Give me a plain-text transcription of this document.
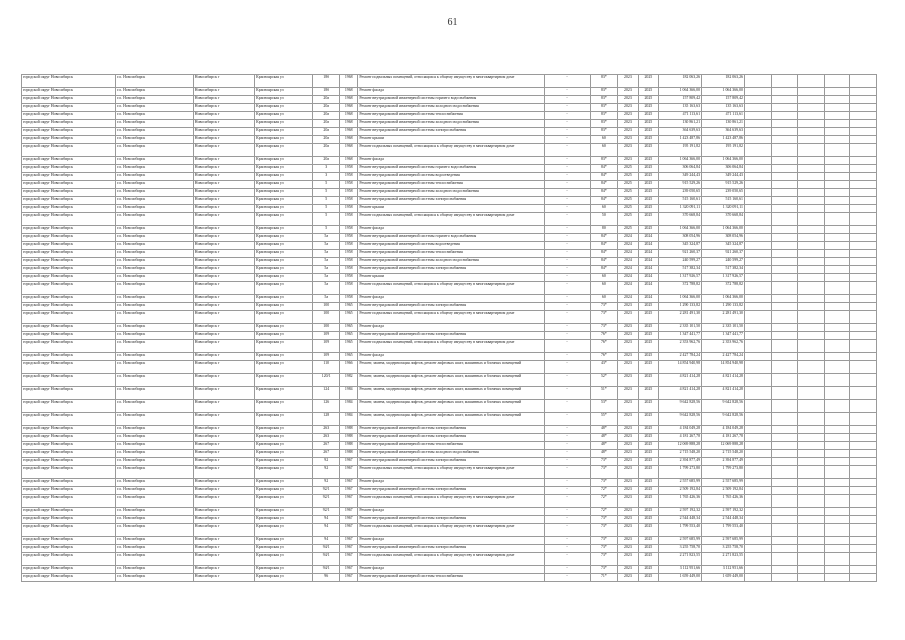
61
городской округ Новосибирск	г.о. Новосибирск	Новосибирск г	Красноярская ул	18б	1968	Ремонт подвальных помещений, относящихся к общему имуществу в многоквартирном доме	-	83*	2023	2025	182 063,26	182 063,26					
городской округ Новосибирск	г.о. Новосибирск	Новосибирск г	Красноярская ул	18б	1968	Ремонт фасада	-	83*	2023	2025	1 064 366,00	1 064 366,00					
городской округ Новосибирск	г.о. Новосибирск	Новосибирск г	Красноярская ул	20а	1968	Ремонт внутридомовой инженерной системы горячего водоснабжения	-	83*	2023	2025	157 809,42	157 809,42					
городской округ Новосибирск	г.о. Новосибирск	Новосибирск г	Красноярская ул	20а	1968	Ремонт внутридомовой инженерной системы холодного водоснабжения	-	83*	2023	2025	135 163,63	135 163,63					
городской округ Новосибирск	г.о. Новосибирск	Новосибирск г	Красноярская ул	20а	1968	Ремонт внутридомовой инженерной системы теплоснабжения	-	83*	2023	2025	471 113,61	471 113,61					
городской округ Новосибирск	г.о. Новосибирск	Новосибирск г	Красноярская ул	20а	1968	Ремонт внутридомовой инженерной системы холодного водоснабжения	-	83*	2023	2025	130 861,21	130 861,21					
городской округ Новосибирск	г.о. Новосибирск	Новосибирск г	Красноярская ул	20а	1968	Ремонт внутридомовой инженерной системы электроснабжения	-	83*	2023	2025	364 639,63	364 639,63					
городской округ Новосибирск	г.о. Новосибирск	Новосибирск г	Красноярская ул	20а	1968	Ремонт крыши	-	60	2023	2025	1 423 487,86	1 423 487,86					
городской округ Новосибирск	г.о. Новосибирск	Новосибирск г	Красноярская ул	20а	1968	Ремонт подвальных помещений, относящихся к общему имуществу в многоквартирном доме	-	60	2023	2025	195 191,82	195 191,82					
городской округ Новосибирск	г.о. Новосибирск	Новосибирск г	Красноярская ул	20а	1968	Ремонт фасада	-	83*	2023	2025	1 064 366,00	1 064 366,00					
городской округ Новосибирск	г.о. Новосибирск	Новосибирск г	Красноярская ул	3	1958	Ремонт внутридомовой инженерной системы горячего водоснабжения	-	84*	2025	2025	306 064,84	306 064,84					
городской округ Новосибирск	г.о. Новосибирск	Новосибирск г	Красноярская ул	3	1958	Ремонт внутридомовой инженерной системы водоотведения	-	84*	2025	2025	349 244,43	349 244,43					
городской округ Новосибирск	г.о. Новосибирск	Новосибирск г	Красноярская ул	5	1958	Ремонт внутридомовой инженерной системы теплоснабжения	-	84*	2025	2025	915 529,26	915 529,26					
городской округ Новосибирск	г.о. Новосибирск	Новосибирск г	Красноярская ул	5	1958	Ремонт внутридомовой инженерной системы холодного водоснабжения	-	84*	2025	2025	239 050,65	239 050,65					
городской округ Новосибирск	г.о. Новосибирск	Новосибирск г	Красноярская ул	5	1958	Ремонт внутридомовой инженерной системы электроснабжения	-	84*	2025	2025	515 160,61	515 160,61					
городской округ Новосибирск	г.о. Новосибирск	Новосибирск г	Красноярская ул	5	1958	Ремонт крыши	-	60	2025	2025	1 320 091,11	1 320 091,11					
городской округ Новосибирск	г.о. Новосибирск	Новосибирск г	Красноярская ул	5	1958	Ремонт подвальных помещений, относящихся к общему имуществу в многоквартирном доме	-	50	2025	2025	370 668,84	370 668,84					
городской округ Новосибирск	г.о. Новосибирск	Новосибирск г	Красноярская ул	5	1958	Ремонт фасада	-	80	2025	2025	1 064 366,00	1 064 366,00					
городской округ Новосибирск	г.о. Новосибирск	Новосибирск г	Красноярская ул	5а	1958	Ремонт внутридомовой инженерной системы горячего водоснабжения	-	84*	2024	2024	308 054,96	308 054,96					
городской округ Новосибирск	г.о. Новосибирск	Новосибирск г	Красноярская ул	5а	1958	Ремонт внутридомовой инженерной системы водоотведения	-	84*	2024	2024	345 324,87	345 324,87					
городской округ Новосибирск	г.о. Новосибирск	Новосибирск г	Красноярская ул	5а	1958	Ремонт внутридомовой инженерной системы теплоснабжения	-	84*	2024	2024	921 260,37	921 260,37					
городской округ Новосибирск	г.о. Новосибирск	Новосибирск г	Красноярская ул	5а	1958	Ремонт внутридомовой инженерной системы холодного водоснабжения	-	84*	2024	2024	240 599,27	240 599,27					
городской округ Новосибирск	г.о. Новосибирск	Новосибирск г	Красноярская ул	5а	1958	Ремонт внутридомовой инженерной системы электроснабжения	-	84*	2024	2024	517 382,34	517 382,34					
городской округ Новосибирск	г.о. Новосибирск	Новосибирск г	Красноярская ул	5а	1958	Ремонт крыши	-	60	2024	2024	1 317 926,57	1 317 926,57					
городской округ Новосибирск	г.о. Новосибирск	Новосибирск г	Красноярская ул	5а	1958	Ремонт подвальных помещений, относящихся к общему имуществу в многоквартирном доме	-	60	2024	2024	372 788,82	372 788,82					
городской округ Новосибирск	г.о. Новосибирск	Новосибирск г	Красноярская ул	5а	1958	Ремонт фасада	-	60	2024	2024	1 064 366,00	1 064 366,00					
городской округ Новосибирск	г.о. Новосибирск	Новосибирск г	Красноярская ул	100	1965	Ремонт внутридомовой инженерной системы электроснабжения	-	73*	2023	2025	1 290 133,82	1 290 133,82					
городской округ Новосибирск	г.о. Новосибирск	Новосибирск г	Красноярская ул	100	1965	Ремонт подвальных помещений, относящихся к общему имуществу в многоквартирном доме	-	73*	2023	2025	2 281 491,30	2 281 491,30					
городской округ Новосибирск	г.о. Новосибирск	Новосибирск г	Красноярская ул	100	1965	Ремонт фасада	-	73*	2023	2025	2 335 101,50	2 335 101,50					
городской округ Новосибирск	г.о. Новосибирск	Новосибирск г	Красноярская ул	109	1965	Ремонт внутридомовой инженерной системы электроснабжения	-	76*	2023	2025	1 347 441,77	1 347 441,77					
городской округ Новосибирск	г.о. Новосибирск	Новосибирск г	Красноярская ул	109	1965	Ремонт подвальных помещений, относящихся к общему имуществу в многоквартирном доме	-	76*	2023	2025	2 353 962,76	2 353 962,76					
городской округ Новосибирск	г.о. Новосибирск	Новосибирск г	Красноярская ул	109	1965	Ремонт фасада	-	76*	2023	2025	2 427 784,24	2 427 784,24					
городской округ Новосибирск	г.о. Новосибирск	Новосибирск г	Красноярская ул	110	1966	Ремонт, замена, модернизация лифтов, ремонт лифтовых шахт, машинных и блочных помещений	-	43*	2023	2025	14 854 940,98	14 854 940,98					
городской округ Новосибирск	г.о. Новосибирск	Новосибирск г	Красноярская ул	120/1	1982	Ремонт, замена, модернизация лифтов, ремонт лифтовых шахт, машинных и блочных помещений	-	52*	2023	2025	4 821 414,28	4 821 414,28					
городской округ Новосибирск	г.о. Новосибирск	Новосибирск г	Красноярская ул	124	1984	Ремонт, замена, модернизация лифтов, ремонт лифтовых шахт, машинных и блочных помещений	-	51*	2023	2025	4 821 414,28	4 821 414,28					
городской округ Новосибирск	г.о. Новосибирск	Новосибирск г	Красноярская ул	126	1984	Ремонт, замена, модернизация лифтов, ремонт лифтовых шахт, машинных и блочных помещений	-	53*	2023	2025	9 642 828,56	9 642 828,56					
городской округ Новосибирск	г.о. Новосибирск	Новосибирск г	Красноярская ул	128	1984	Ремонт, замена, модернизация лифтов, ремонт лифтовых шахт, машинных и блочных помещений	-	55*	2023	2025	9 642 828,56	9 642 828,56					
городской округ Новосибирск	г.о. Новосибирск	Новосибирск г	Красноярская ул	263	1988	Ремонт внутридомовой инженерной системы электроснабжения	-	48*	2023	2025	4 184 049,28	4 184 049,28					
городской округ Новосибирск	г.о. Новосибирск	Новосибирск г	Красноярская ул	263	1988	Ремонт внутридомовой инженерной системы электроснабжения	-	48*	2023	2025	4 181 267,78	4 181 267,78					
городской округ Новосибирск	г.о. Новосибирск	Новосибирск г	Красноярская ул	267	1988	Ремонт внутридомовой инженерной системы теплоснабжения	-	48*	2023	2025	12 069 888,28	12 069 888,28					
городской округ Новосибирск	г.о. Новосибирск	Новосибирск г	Красноярская ул	267	1988	Ремонт внутридомовой инженерной системы холодного водоснабжения	-	48*	2023	2025	2 715 548,20	2 715 548,20					
городской округ Новосибирск	г.о. Новосибирск	Новосибирск г	Красноярская ул	92	1967	Ремонт внутридомовой инженерной системы электроснабжения	-	73*	2023	2025	2 394 877,49	2 394 877,49					
городской округ Новосибирск	г.о. Новосибирск	Новосибирск г	Красноярская ул	92	1967	Ремонт подвальных помещений, относящихся к общему имуществу в многоквартирном доме	-	73*	2023	2025	1 799 273,80	1 799 273,80					
городской округ Новосибирск	г.о. Новосибирск	Новосибирск г	Красноярская ул	92	1967	Ремонт фасада	-	73*	2023	2025	2 557 685,99	2 557 685,99					
городской округ Новосибирск	г.о. Новосибирск	Новосибирск г	Красноярская ул	92/1	1967	Ремонт внутридомовой инженерной системы электроснабжения	-	72*	2023	2025	2 509 192,84	2 509 192,84					
городской округ Новосибирск	г.о. Новосибирск	Новосибирск г	Красноярская ул	92/1	1967	Ремонт подвальных помещений, относящихся к общему имуществу в многоквартирном доме	-	72*	2023	2025	1 765 426,36	1 765 426,36					
городской округ Новосибирск	г.о. Новосибирск	Новосибирск г	Красноярская ул	92/1	1967	Ремонт фасада	-	72*	2023	2025	2 597 192,32	2 597 192,32					
городской округ Новосибирск	г.о. Новосибирск	Новосибирск г	Красноярская ул	94	1967	Ремонт внутридомовой инженерной системы электроснабжения	-	73*	2023	2025	2 544 448,34	2 544 448,34					
городской округ Новосибирск	г.о. Новосибирск	Новосибирск г	Красноярская ул	94	1967	Ремонт подвальных помещений, относящихся к общему имуществу в многоквартирном доме	-	73*	2023	2025	1 799 553,40	1 799 553,40					
городской округ Новосибирск	г.о. Новосибирск	Новосибирск г	Красноярская ул	94	1967	Ремонт фасада	-	73*	2023	2025	2 597 685,99	2 597 685,99					
городской округ Новосибирск	г.о. Новосибирск	Новосибирск г	Красноярская ул	94/1	1967	Ремонт внутридомовой инженерной системы электроснабжения	-	73*	2023	2025	3 255 758,70	3 255 758,70					
городской округ Новосибирск	г.о. Новосибирск	Новосибирск г	Красноярская ул	94/1	1967	Ремонт подвальных помещений, относящихся к общему имуществу в многоквартирном доме	-	73*	2023	2025	2 271 823,55	2 271 823,55					
городской округ Новосибирск	г.о. Новосибирск	Новосибирск г	Красноярская ул	94/1	1967	Ремонт фасада	-	73*	2023	2025	3 112 951,66	3 112 951,66					
городской округ Новосибирск	г.о. Новосибирск	Новосибирск г	Красноярская ул	96	1967	Ремонт внутридомовой инженерной системы теплоснабжения	-	71*	2023	2025	1 659 449,00	1 659 449,00					
